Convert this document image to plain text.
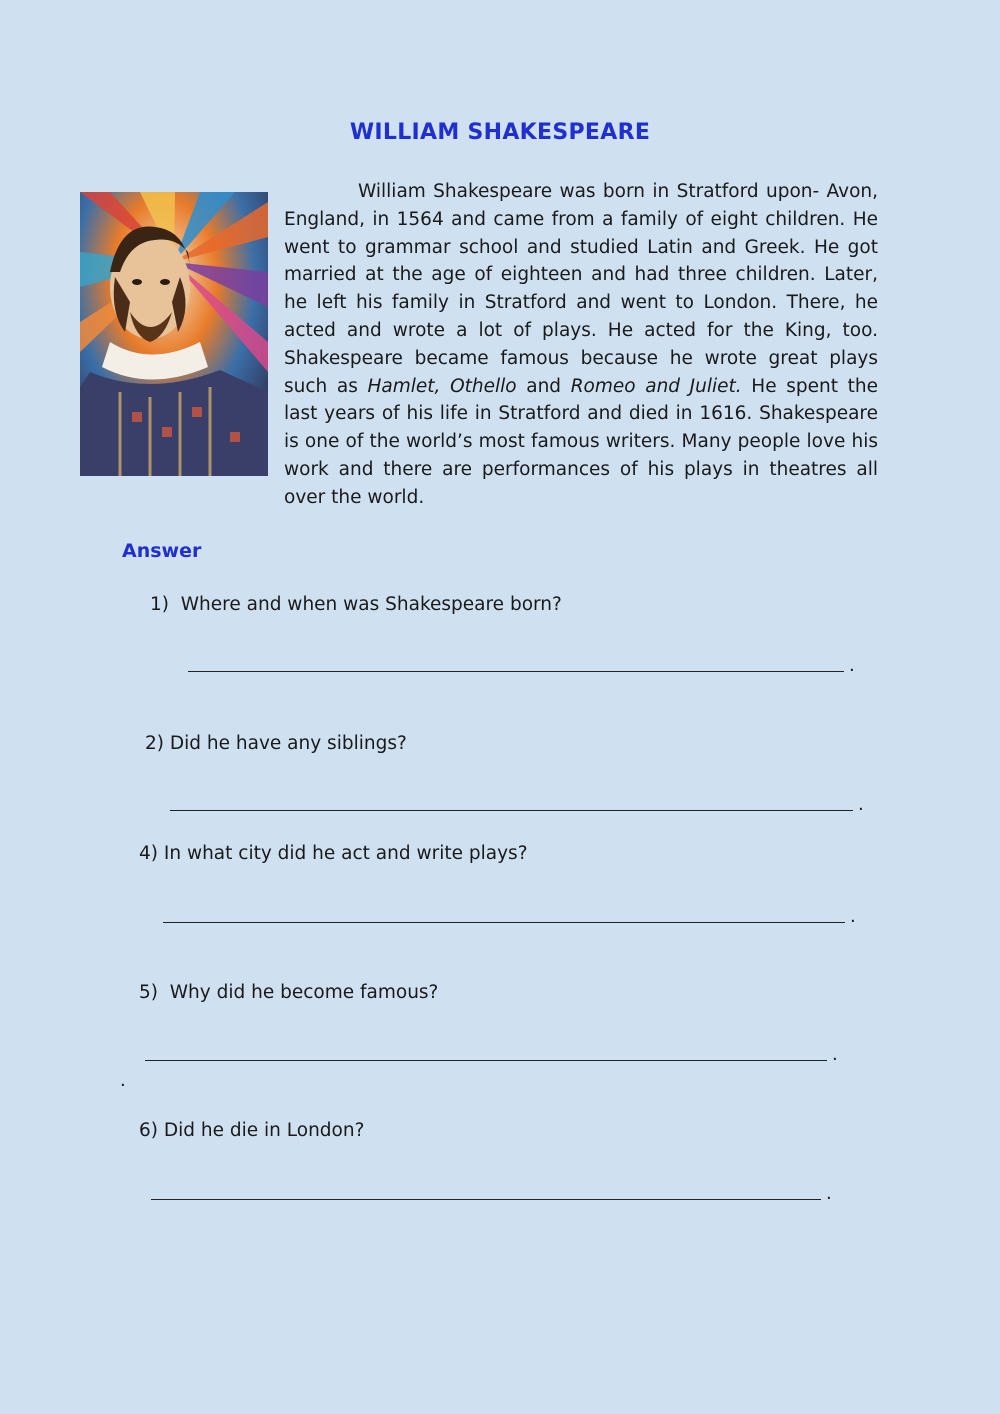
WILLIAM SHAKESPEARE

William Shakespeare was born in Stratford upon- Avon, England, in 1564 and came from a family of eight children. He went to grammar school and studied Latin and Greek. He got married at the age of eighteen and had three children. Later, he left his family in Stratford and went to London. There, he acted and wrote a lot of plays. He acted for the King, too. Shakespeare became famous because he wrote great plays such as Hamlet, Othello and Romeo and Juliet. He spent the last years of his life in Stratford and died in 1616. Shakespeare is one of the world’s most famous writers. Many people love his work and there are performances of his plays in theatres all over the world.

Answer
1) Where and when was Shakespeare born?
.
2) Did he have any siblings?
.
4) In what city did he act and write plays?
.
5) Why did he become famous?
.
.
6) Did he die in London?
.
